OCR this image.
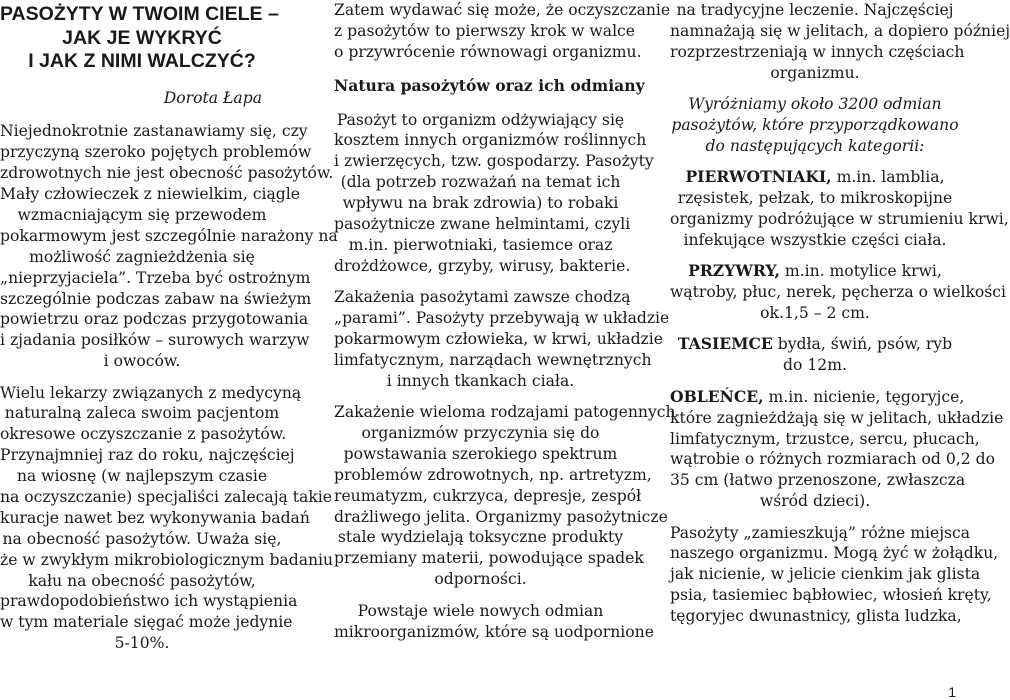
PASOŻYTY W TWOIM CIELE –
JAK JE WYKRYĆ
I JAK Z NIMI WALCZYĆ?
Dorota Łapa
Niejednokrotnie zastanawiamy się, czy
przyczyną szeroko pojętych problemów
zdrowotnych nie jest obecność pasożytów.
Mały człowieczek z niewielkim, ciągle
wzmacniającym się przewodem
pokarmowym jest szczególnie narażony na
możliwość zagnieżdżenia się
„nieprzyjaciela”. Trzeba być ostrożnym
szczególnie podczas zabaw na świeżym
powietrzu oraz podczas przygotowania
i zjadania posiłków – surowych warzyw
i owoców.
Wielu lekarzy związanych z medycyną
naturalną zaleca swoim pacjentom
okresowe oczyszczanie z pasożytów.
Przynajmniej raz do roku, najczęściej
na wiosnę (w najlepszym czasie
na oczyszczanie) specjaliści zalecają takie
kuracje nawet bez wykonywania badań
na obecność pasożytów. Uważa się,
że w zwykłym mikrobiologicznym badaniu
kału na obecność pasożytów,
prawdopodobieństwo ich wystąpienia
w tym materiale sięgać może jedynie
5-10%.
Zatem wydawać się może, że oczyszczanie
z pasożytów to pierwszy krok w walce
o przywrócenie równowagi organizmu.
Natura pasożytów oraz ich odmiany
Pasożyt to organizm odżywiający się
kosztem innych organizmów roślinnych
i zwierzęcych, tzw. gospodarzy. Pasożyty
(dla potrzeb rozważań na temat ich
wpływu na brak zdrowia) to robaki
pasożytnicze zwane helmintami, czyli
m.in. pierwotniaki, tasiemce oraz
drożdżowce, grzyby, wirusy, bakterie.
Zakażenia pasożytami zawsze chodzą
„parami”. Pasożyty przebywają w układzie
pokarmowym człowieka, w krwi, układzie
limfatycznym, narządach wewnętrznych
i innych tkankach ciała.
Zakażenie wieloma rodzajami patogennych
organizmów przyczynia się do
powstawania szerokiego spektrum
problemów zdrowotnych, np. artretyzm,
reumatyzm, cukrzyca, depresje, zespół
drażliwego jelita. Organizmy pasożytnicze
stale wydzielają toksyczne produkty
przemiany materii, powodujące spadek
odporności.
Powstaje wiele nowych odmian
mikroorganizmów, które są uodpornione
na tradycyjne leczenie. Najczęściej
namnażają się w jelitach, a dopiero później
rozprzestrzeniają w innych częściach
organizmu.
Wyróżniamy około 3200 odmian
pasożytów, które przyporządkowano
do następujących kategorii:
PIERWOTNIAKI, m.in. lamblia,
rzęsistek, pełzak, to mikroskopijne
organizmy podróżujące w strumieniu krwi,
infekujące wszystkie części ciała.
PRZYWRY, m.in. motylice krwi,
wątroby, płuc, nerek, pęcherza o wielkości
ok.1,5 – 2 cm.
TASIEMCE bydła, świń, psów, ryb
do 12m.
OBLEŃCE, m.in. nicienie, tęgoryjce,
które zagnieżdżają się w jelitach, układzie
limfatycznym, trzustce, sercu, płucach,
wątrobie o różnych rozmiarach od 0,2 do
35 cm (łatwo przenoszone, zwłaszcza
wśród dzieci).
Pasożyty „zamieszkują” różne miejsca
naszego organizmu. Mogą żyć w żołądku,
jak nicienie, w jelicie cienkim jak glista
psia, tasiemiec bąbłowiec, włosień kręty,
tęgoryjec dwunastnicy, glista ludzka,
1
